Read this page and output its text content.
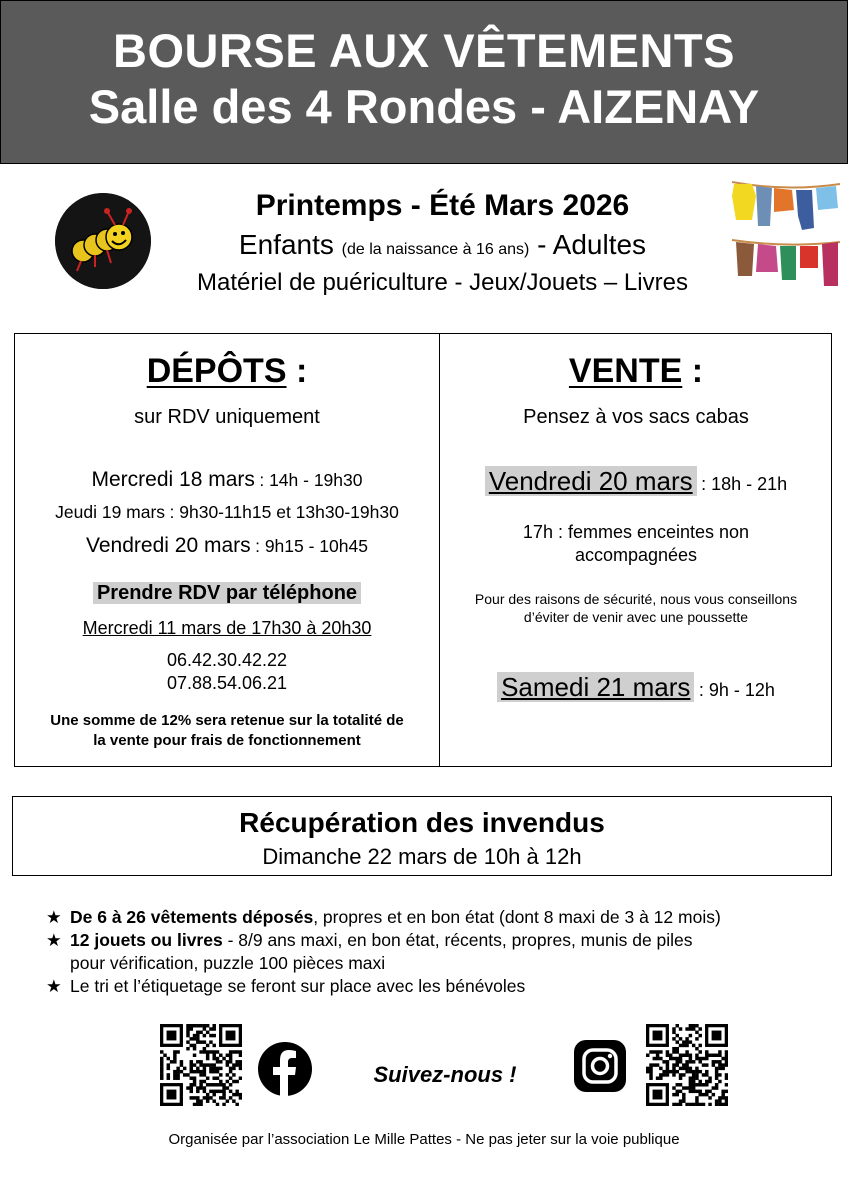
BOURSE AUX VÊTEMENTS
Salle des 4 Rondes - AIZENAY
Printemps - Été Mars 2026
Enfants (de la naissance à 16 ans) - Adultes
Matériel de puériculture - Jeux/Jouets – Livres
DÉPÔTS :
sur RDV uniquement
Mercredi 18 mars : 14h - 19h30
Jeudi 19 mars : 9h30-11h15 et 13h30-19h30
Vendredi 20 mars : 9h15 - 10h45
Prendre RDV par téléphone
Mercredi 11 mars de 17h30 à 20h30
06.42.30.42.22
07.88.54.06.21
Une somme de 12% sera retenue sur la totalité de
la vente pour frais de fonctionnement
VENTE :
Pensez à vos sacs cabas
Vendredi 20 mars : 18h - 21h
17h : femmes enceintes non
accompagnées
Pour des raisons de sécurité, nous vous conseillons
d’éviter de venir avec une poussette
Samedi 21 mars : 9h - 12h
Récupération des invendus
Dimanche 22 mars de 10h à 12h
★ De 6 à 26 vêtements déposés, propres et en bon état (dont 8 maxi de 3 à 12 mois)
★ 12 jouets ou livres - 8/9 ans maxi, en bon état, récents, propres, munis de piles
pour vérification, puzzle 100 pièces maxi
★ Le tri et l’étiquetage se feront sur place avec les bénévoles
Suivez-nous !
Organisée par l’association Le Mille Pattes - Ne pas jeter sur la voie publique
